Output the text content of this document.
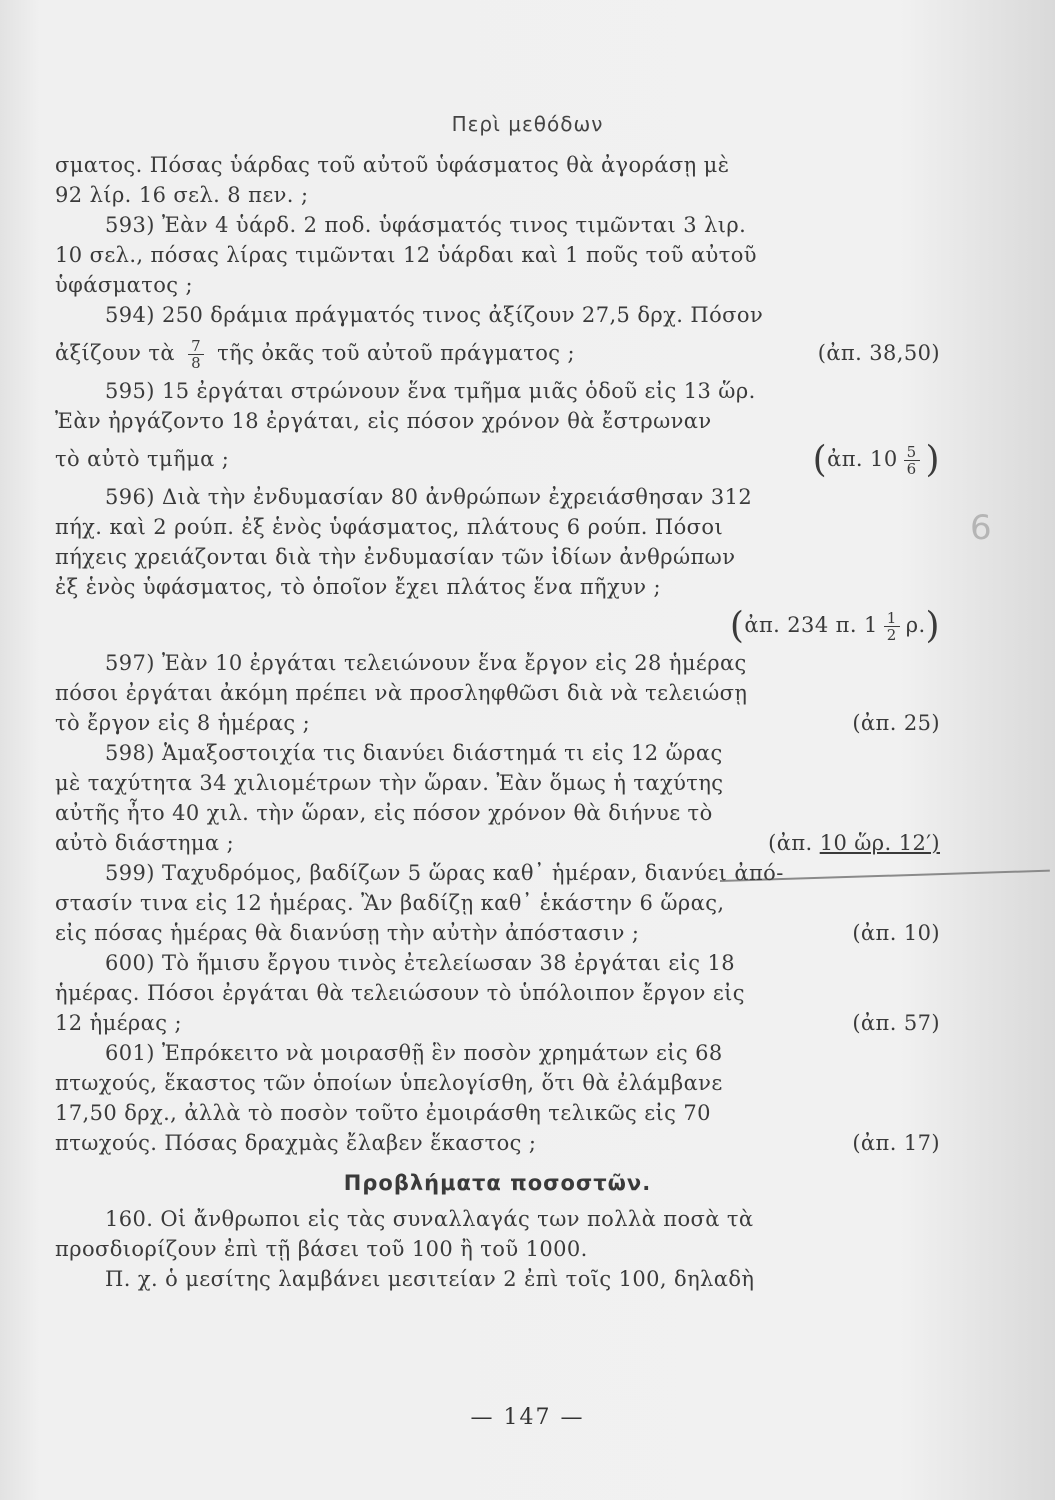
Περὶ μεθόδων
6
σματος. Πόσας ὑάρδας τοῦ αὐτοῦ ὑφάσματος θὰ ἀγοράσῃ μὲ
92 λίρ. 16 σελ. 8 πεν. ;
593) Ἐὰν 4 ὑάρδ. 2 ποδ. ὑφάσματός τινος τιμῶνται 3 λιρ.
10 σελ., πόσας λίρας τιμῶνται 12 ὑάρδαι καὶ 1 ποῦς τοῦ αὐτοῦ
ὑφάσματος ;
594) 250 δράμια πράγματός τινος ἀξίζουν 27,5 δρχ. Πόσον
ἀξίζουν τὰ $\frac{7}{8}$ τῆς ὀκᾶς τοῦ αὐτοῦ πράγματος ;	(ἀπ. 38,50)
595) 15 ἐργάται στρώνουν ἕνα τμῆμα μιᾶς ὁδοῦ εἰς 13 ὥρ.
Ἐὰν ἠργάζοντο 18 ἐργάται, εἰς πόσον χρόνον θὰ ἔστρωναν
τὸ αὐτὸ τμῆμα ;	(ἀπ. $10 \frac{5}{6}$ )
596) Διὰ τὴν ἐνδυμασίαν 80 ἀνθρώπων ἐχρειάσθησαν 312
πήχ. καὶ 2 ρούπ. ἐξ ἑνὸς ὑφάσματος, πλάτους 6 ρούπ. Πόσοι
πήχεις χρειάζονται διὰ τὴν ἐνδυμασίαν τῶν ἰδίων ἀνθρώπων
ἐξ ἑνὸς ὑφάσματος, τὸ ὁποῖον ἔχει πλάτος ἕνα πῆχυν ;
(ἀπ. 234 π. $1 \frac{1}{2} \rho$.)
597) Ἐὰν 10 ἐργάται τελειώνουν ἕνα ἔργον εἰς 28 ἡμέρας
πόσοι ἐργάται ἀκόμη πρέπει νὰ προσληφθῶσι διὰ νὰ τελειώσῃ
τὸ ἔργον εἰς 8 ἡμέρας ;	(ἀπ. 25)
598) Ἁμαξοστοιχία τις διανύει διάστημά τι εἰς 12 ὥρας
μὲ ταχύτητα 34 χιλιομέτρων τὴν ὥραν. Ἐὰν ὅμως ἡ ταχύτης
αὐτῆς ἦτο 40 χιλ. τὴν ὥραν, εἰς πόσον χρόνον θὰ διήνυε τὸ
αὐτὸ διάστημα ;	(ἀπ. 10 ὥρ. 12′)
599) Ταχυδρόμος, βαδίζων 5 ὥρας καθ᾽ ἡμέραν, διανύει ἀπό-
στασίν τινα εἰς 12 ἡμέρας. Ἂν βαδίζῃ καθ᾽ ἑκάστην 6 ὥρας,
εἰς πόσας ἡμέρας θὰ διανύσῃ τὴν αὐτὴν ἀπόστασιν ;	(ἀπ. 10)
600) Τὸ ἥμισυ ἔργου τινὸς ἐτελείωσαν 38 ἐργάται εἰς 18
ἡμέρας. Πόσοι ἐργάται θὰ τελειώσουν τὸ ὑπόλοιπον ἔργον εἰς
12 ἡμέρας ;	(ἀπ. 57)
601) Ἐπρόκειτο νὰ μοιρασθῇ ἓν ποσὸν χρημάτων εἰς 68
πτωχούς, ἕκαστος τῶν ὁποίων ὑπελογίσθη, ὅτι θὰ ἐλάμβανε
17,50 δρχ., ἀλλὰ τὸ ποσὸν τοῦτο ἐμοιράσθη τελικῶς εἰς 70
πτωχούς. Πόσας δραχμὰς ἔλαβεν ἕκαστος ;	(ἀπ. 17)
Προβλήματα ποσοστῶν.
160. Οἱ ἄνθρωποι εἰς τὰς συναλλαγάς των πολλὰ ποσὰ τὰ
προσδιορίζουν ἐπὶ τῇ βάσει τοῦ 100 ἢ τοῦ 1000.
Π. χ. ὁ μεσίτης λαμβάνει μεσιτείαν 2 ἐπὶ τοῖς 100, δηλαδὴ
— 147 —
